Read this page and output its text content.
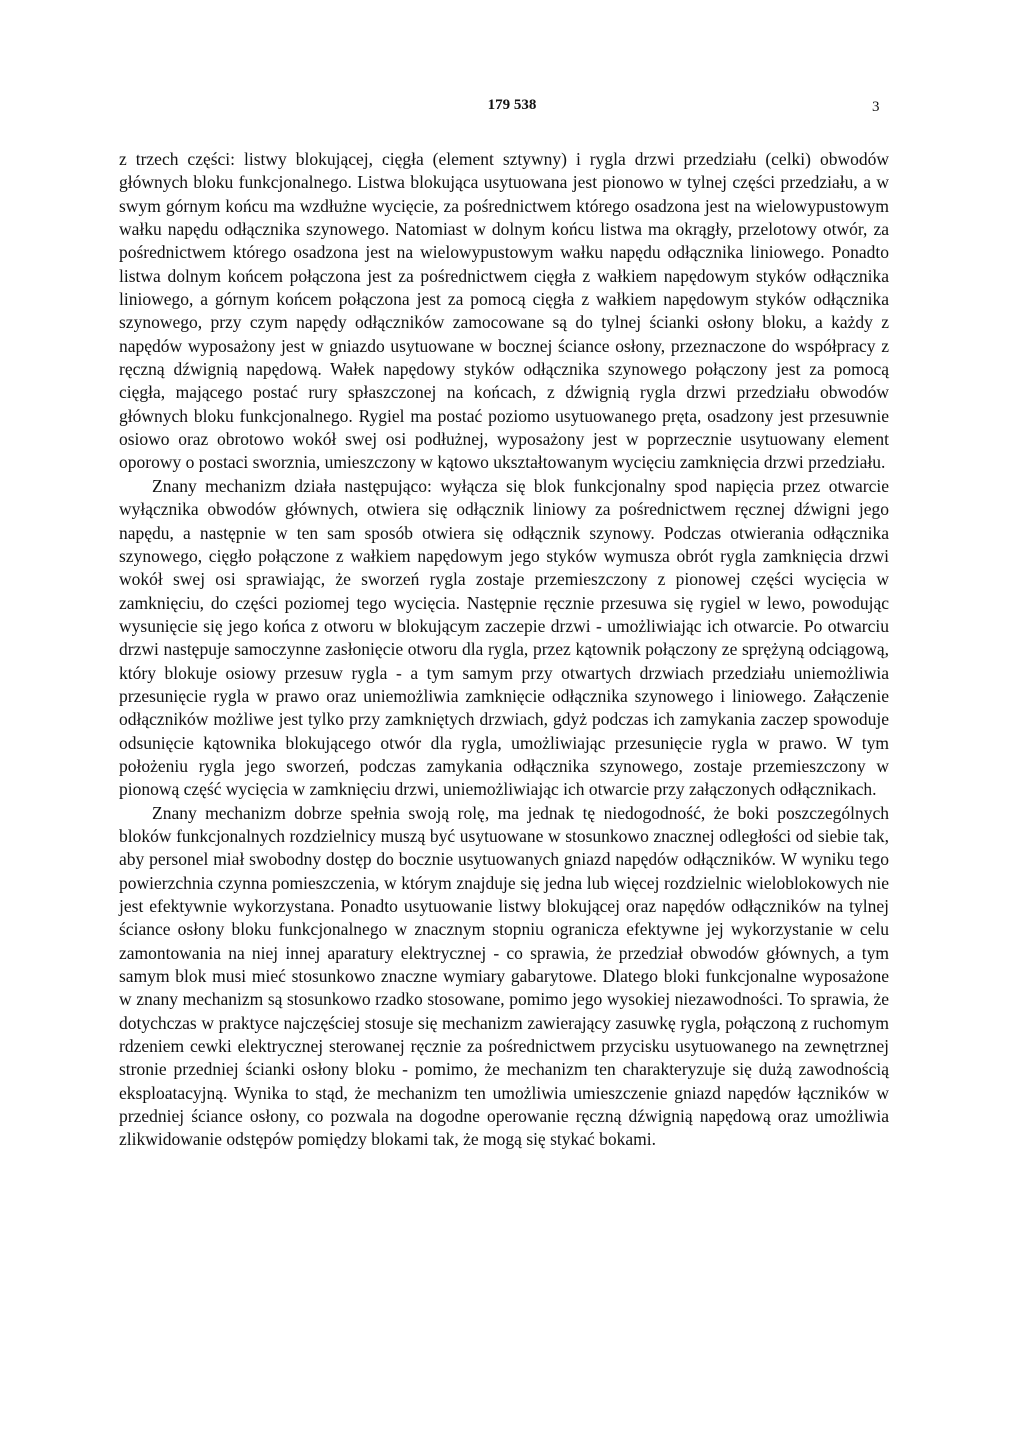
179 538	3

z trzech części: listwy blokującej, cięgła (element sztywny) i rygla drzwi przedziału (celki) obwodów głównych bloku funkcjonalnego. Listwa blokująca usytuowana jest pionowo w tylnej części przedziału, a w swym górnym końcu ma wzdłużne wycięcie, za pośrednictwem którego osadzona jest na wielowypustowym wałku napędu odłącznika szynowego. Natomiast w dolnym końcu listwa ma okrągły, przelotowy otwór, za pośrednictwem którego osadzona jest na wielowypustowym wałku napędu odłącznika liniowego. Ponadto listwa dolnym końcem połączona jest za pośrednictwem cięgła z wałkiem napędowym styków odłącznika liniowego, a górnym końcem połączona jest za pomocą cięgła z wałkiem napędowym styków odłącznika szynowego, przy czym napędy odłączników zamocowane są do tylnej ścianki osłony bloku, a każdy z napędów wyposażony jest w gniazdo usytuowane w bocznej ściance osłony, przeznaczone do współpracy z ręczną dźwignią napędową. Wałek napędowy styków odłącznika szynowego połączony jest za pomocą cięgła, mającego postać rury spłaszczonej na końcach, z dźwignią rygla drzwi przedziału obwodów głównych bloku funkcjonalnego. Rygiel ma postać poziomo usytuowanego pręta, osadzony jest przesuwnie osiowo oraz obrotowo wokół swej osi podłużnej, wyposażony jest w poprzecznie usytuowany element oporowy o postaci sworznia, umieszczony w kątowo ukształtowanym wycięciu zamknięcia drzwi przedziału.

Znany mechanizm działa następująco: wyłącza się blok funkcjonalny spod napięcia przez otwarcie wyłącznika obwodów głównych, otwiera się odłącznik liniowy za pośrednictwem ręcznej dźwigni jego napędu, a następnie w ten sam sposób otwiera się odłącznik szynowy. Podczas otwierania odłącznika szynowego, cięgło połączone z wałkiem napędowym jego styków wymusza obrót rygla zamknięcia drzwi wokół swej osi sprawiając, że sworzeń rygla zostaje przemieszczony z pionowej części wycięcia w zamknięciu, do części poziomej tego wycięcia. Następnie ręcznie przesuwa się rygiel w lewo, powodując wysunięcie się jego końca z otworu w blokującym zaczepie drzwi - umożliwiając ich otwarcie. Po otwarciu drzwi następuje samoczynne zasłonięcie otworu dla rygla, przez kątownik połączony ze sprężyną odciągową, który blokuje osiowy przesuw rygla - a tym samym przy otwartych drzwiach przedziału uniemożliwia przesunięcie rygla w prawo oraz uniemożliwia zamknięcie odłącznika szynowego i liniowego. Załączenie odłączników możliwe jest tylko przy zamkniętych drzwiach, gdyż podczas ich zamykania zaczep spowoduje odsunięcie kątownika blokującego otwór dla rygla, umożliwiając przesunięcie rygla w prawo. W tym położeniu rygla jego sworzeń, podczas zamykania odłącznika szynowego, zostaje przemieszczony w pionową część wycięcia w zamknięciu drzwi, uniemożliwiając ich otwarcie przy załączonych odłącznikach.

Znany mechanizm dobrze spełnia swoją rolę, ma jednak tę niedogodność, że boki poszczególnych bloków funkcjonalnych rozdzielnicy muszą być usytuowane w stosunkowo znacznej odległości od siebie tak, aby personel miał swobodny dostęp do bocznie usytuowanych gniazd napędów odłączników. W wyniku tego powierzchnia czynna pomieszczenia, w którym znajduje się jedna lub więcej rozdzielnic wieloblokowych nie jest efektywnie wykorzystana. Ponadto usytuowanie listwy blokującej oraz napędów odłączników na tylnej ściance osłony bloku funkcjonalnego w znacznym stopniu ogranicza efektywne jej wykorzystanie w celu zamontowania na niej innej aparatury elektrycznej - co sprawia, że przedział obwodów głównych, a tym samym blok musi mieć stosunkowo znaczne wymiary gabarytowe. Dlatego bloki funkcjonalne wyposażone w znany mechanizm są stosunkowo rzadko stosowane, pomimo jego wysokiej niezawodności. To sprawia, że dotychczas w praktyce najczęściej stosuje się mechanizm zawierający zasuwkę rygla, połączoną z ruchomym rdzeniem cewki elektrycznej sterowanej ręcznie za pośrednictwem przycisku usytuowanego na zewnętrznej stronie przedniej ścianki osłony bloku - pomimo, że mechanizm ten charakteryzuje się dużą zawodnością eksploatacyjną. Wynika to stąd, że mechanizm ten umożliwia umieszczenie gniazd napędów łączników w przedniej ściance osłony, co pozwala na dogodne operowanie ręczną dźwignią napędową oraz umożliwia zlikwidowanie odstępów pomiędzy blokami tak, że mogą się stykać bokami.
